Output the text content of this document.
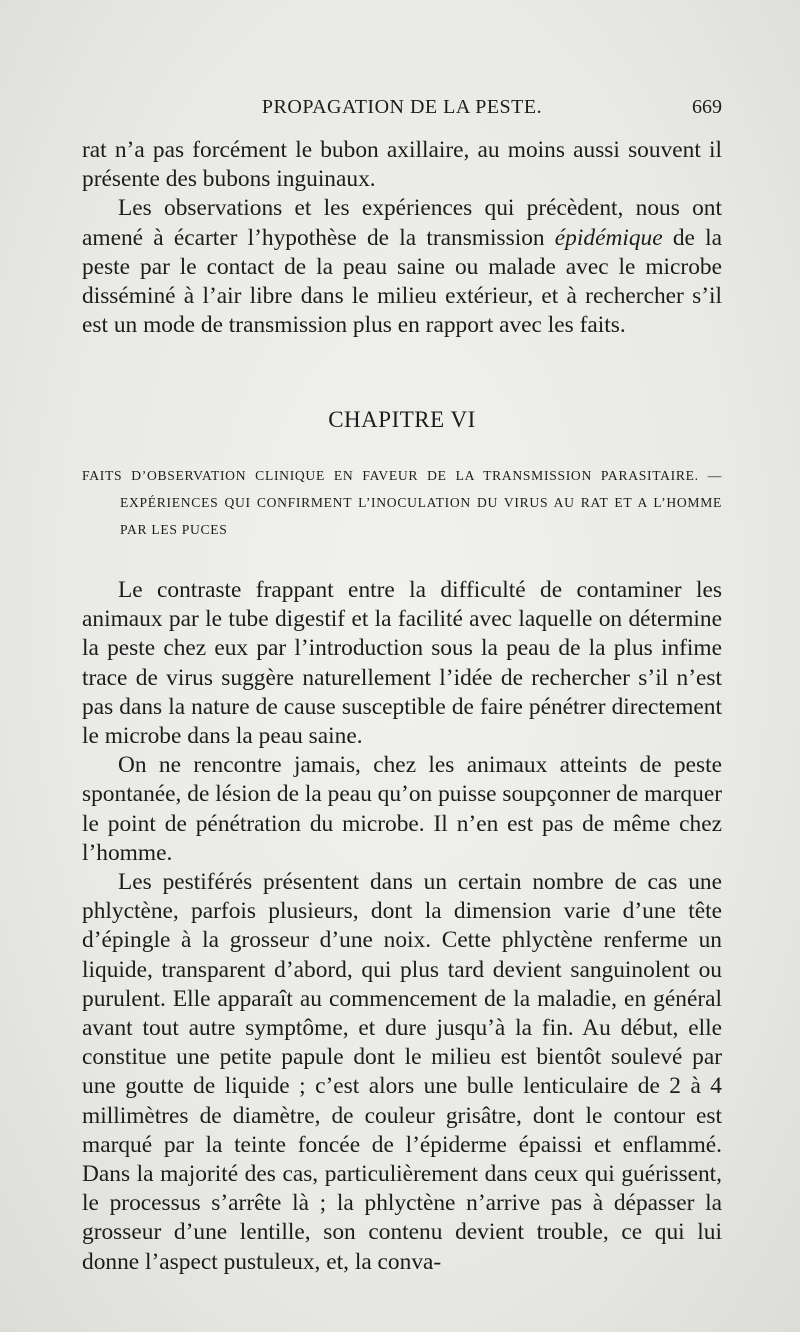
PROPAGATION DE LA PESTE.	669

rat n’a pas forcément le bubon axillaire, au moins aussi souvent il présente des bubons inguinaux.

Les observations et les expériences qui précèdent, nous ont amené à écarter l’hypothèse de la transmission épidémique de la peste par le contact de la peau saine ou malade avec le microbe disséminé à l’air libre dans le milieu extérieur, et à rechercher s’il est un mode de transmission plus en rapport avec les faits.

CHAPITRE VI
FAITS D’OBSERVATION CLINIQUE EN FAVEUR DE LA TRANSMISSION PARASITAIRE. — EXPÉRIENCES QUI CONFIRMENT L’INOCULATION DU VIRUS AU RAT ET A L’HOMME PAR LES PUCES

Le contraste frappant entre la difficulté de contaminer les animaux par le tube digestif et la facilité avec laquelle on détermine la peste chez eux par l’introduction sous la peau de la plus infime trace de virus suggère naturellement l’idée de rechercher s’il n’est pas dans la nature de cause susceptible de faire pénétrer directement le microbe dans la peau saine.

On ne rencontre jamais, chez les animaux atteints de peste spontanée, de lésion de la peau qu’on puisse soupçonner de marquer le point de pénétration du microbe. Il n’en est pas de même chez l’homme.

Les pestiférés présentent dans un certain nombre de cas une phlyctène, parfois plusieurs, dont la dimension varie d’une tête d’épingle à la grosseur d’une noix. Cette phlyctène renferme un liquide, transparent d’abord, qui plus tard devient sanguinolent ou purulent. Elle apparaît au commencement de la maladie, en général avant tout autre symptôme, et dure jusqu’à la fin. Au début, elle constitue une petite papule dont le milieu est bientôt soulevé par une goutte de liquide ; c’est alors une bulle lenticulaire de 2 à 4 millimètres de diamètre, de couleur grisâtre, dont le contour est marqué par la teinte foncée de l’épiderme épaissi et enflammé. Dans la majorité des cas, particulièrement dans ceux qui guérissent, le processus s’arrête là ; la phlyctène n’arrive pas à dépasser la grosseur d’une lentille, son contenu devient trouble, ce qui lui donne l’aspect pustuleux, et, la conva-
